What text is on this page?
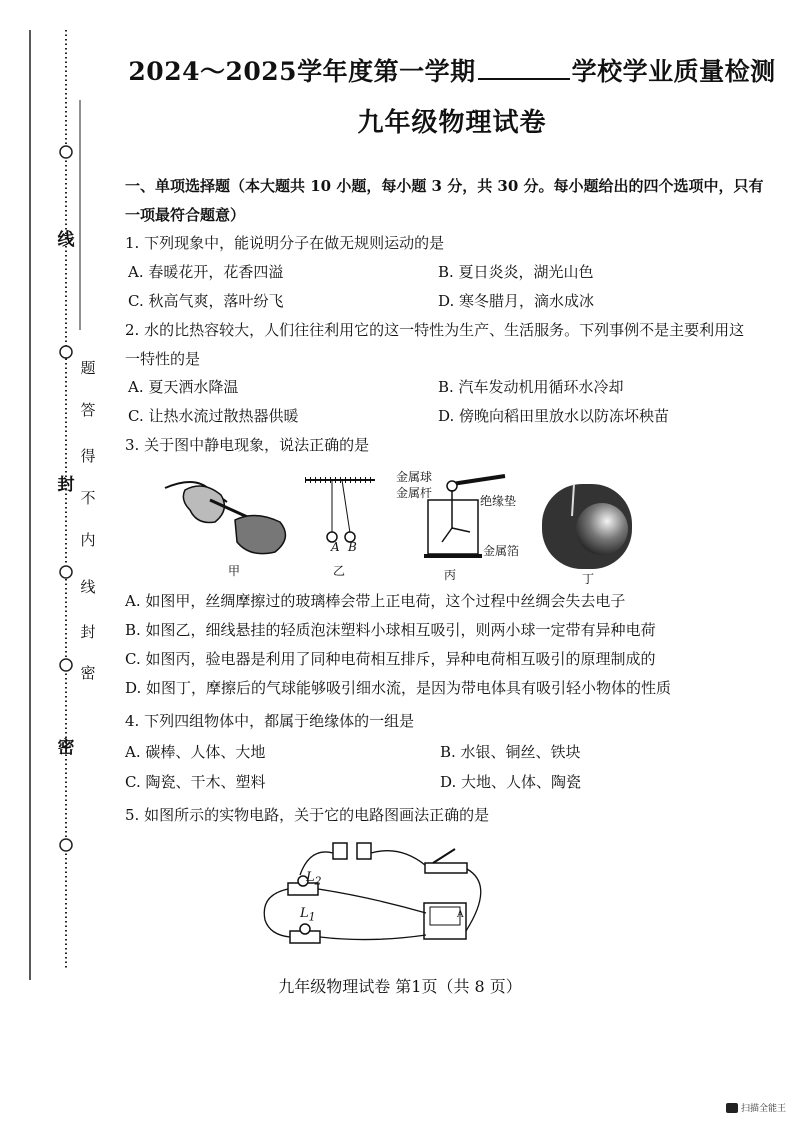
线
封
密
题
答
得
不
内
线
封
密
2024～2025学年度第一学期	学校学业质量检测
九年级物理试卷
一、单项选择题（本大题共 10 小题，每小题 3 分，共 30 分。每小题给出的四个选项中，只有
一项最符合题意）
1. 下列现象中，能说明分子在做无规则运动的是
A. 春暖花开，花香四溢	B. 夏日炎炎，湖光山色
C. 秋高气爽，落叶纷飞	D. 寒冬腊月，滴水成冰
2. 水的比热容较大，人们往往利用它的这一特性为生产、生活服务。下列事例不是主要利用这
一特性的是
A. 夏天洒水降温	B. 汽车发动机用循环水冷却
C. 让热水流过散热器供暖	D. 傍晚向稻田里放水以防冻坏秧苗
3. 关于图中静电现象，说法正确的是
甲
A B
乙
金属球
金属杆
绝缘垫
金属箔
丙	丁
A. 如图甲，丝绸摩擦过的玻璃棒会带上正电荷，这个过程中丝绸会失去电子
B. 如图乙，细线悬挂的轻质泡沫塑料小球相互吸引，则两小球一定带有异种电荷
C. 如图丙，验电器是利用了同种电荷相互排斥，异种电荷相互吸引的原理制成的
D. 如图丁，摩擦后的气球能够吸引细水流，是因为带电体具有吸引轻小物体的性质
4. 下列四组物体中，都属于绝缘体的一组是
A. 碳棒、人体、大地	B. 水银、铜丝、铁块
C. 陶瓷、干木、塑料	D. 大地、人体、陶瓷
5. 如图所示的实物电路，关于它的电路图画法正确的是
$L_2$
$L_1$	A
九年级物理试卷 第1页（共 8 页）
扫描全能王
